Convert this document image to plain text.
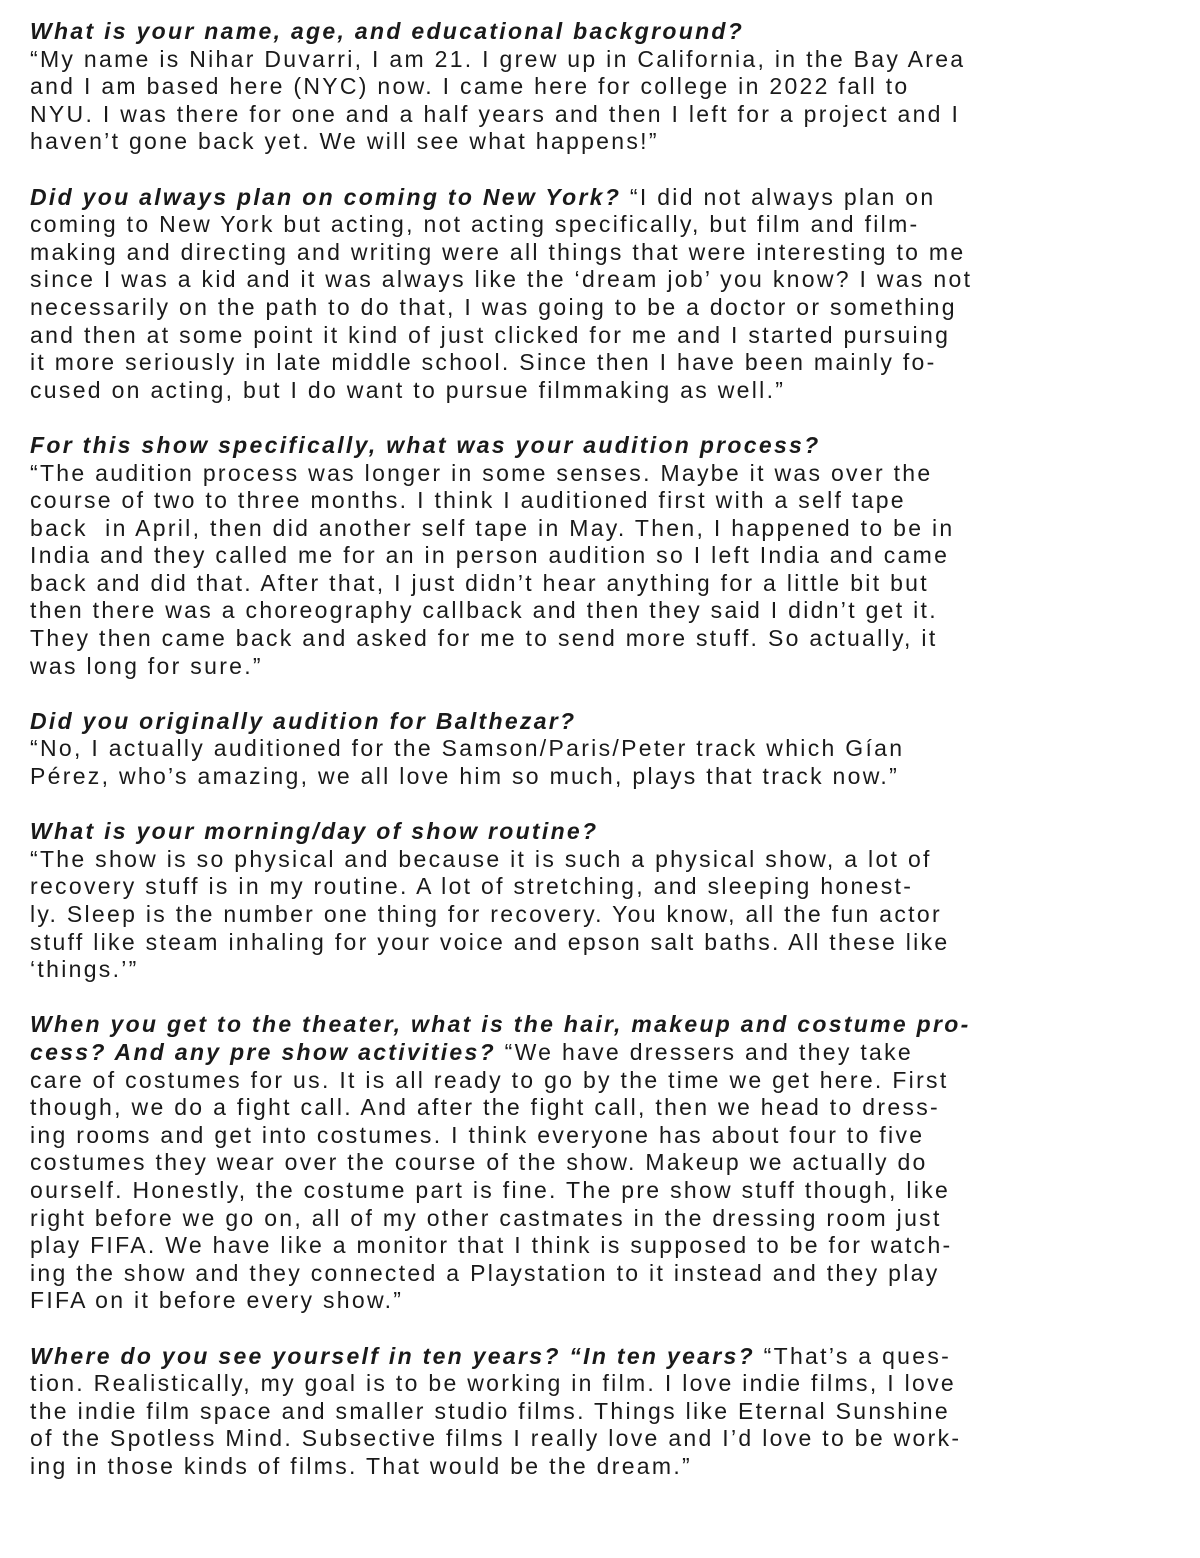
What is your name, age, and educational background?
“My name is Nihar Duvarri, I am 21. I grew up in California, in the Bay Area
and I am based here (NYC) now. I came here for college in 2022 fall to
NYU. I was there for one and a half years and then I left for a project and I
haven’t gone back yet. We will see what happens!”
Did you always plan on coming to New York? “I did not always plan on
coming to New York but acting, not acting specifically, but film and film-
making and directing and writing were all things that were interesting to me
since I was a kid and it was always like the ‘dream job’ you know? I was not
necessarily on the path to do that, I was going to be a doctor or something
and then at some point it kind of just clicked for me and I started pursuing
it more seriously in late middle school. Since then I have been mainly fo-
cused on acting, but I do want to pursue filmmaking as well.”
For this show specifically, what was your audition process?
“The audition process was longer in some senses. Maybe it was over the
course of two to three months. I think I auditioned first with a self tape
back  in April, then did another self tape in May. Then, I happened to be in
India and they called me for an in person audition so I left India and came
back and did that. After that, I just didn’t hear anything for a little bit but
then there was a choreography callback and then they said I didn’t get it.
They then came back and asked for me to send more stuff. So actually, it
was long for sure.”
Did you originally audition for Balthezar?
“No, I actually auditioned for the Samson/Paris/Peter track which Gían
Pérez, who’s amazing, we all love him so much, plays that track now.”
What is your morning/day of show routine?
“The show is so physical and because it is such a physical show, a lot of
recovery stuff is in my routine. A lot of stretching, and sleeping honest-
ly. Sleep is the number one thing for recovery. You know, all the fun actor
stuff like steam inhaling for your voice and epson salt baths. All these like
‘things.’”
When you get to the theater, what is the hair, makeup and costume pro-
cess? And any pre show activities? “We have dressers and they take
care of costumes for us. It is all ready to go by the time we get here. First
though, we do a fight call. And after the fight call, then we head to dress-
ing rooms and get into costumes. I think everyone has about four to five
costumes they wear over the course of the show. Makeup we actually do
ourself. Honestly, the costume part is fine. The pre show stuff though, like
right before we go on, all of my other castmates in the dressing room just
play FIFA. We have like a monitor that I think is supposed to be for watch-
ing the show and they connected a Playstation to it instead and they play
FIFA on it before every show.”
Where do you see yourself in ten years? “In ten years? “That’s a ques-
tion. Realistically, my goal is to be working in film. I love indie films, I love
the indie film space and smaller studio films. Things like Eternal Sunshine
of the Spotless Mind. Subsective films I really love and I’d love to be work-
ing in those kinds of films. That would be the dream.”
